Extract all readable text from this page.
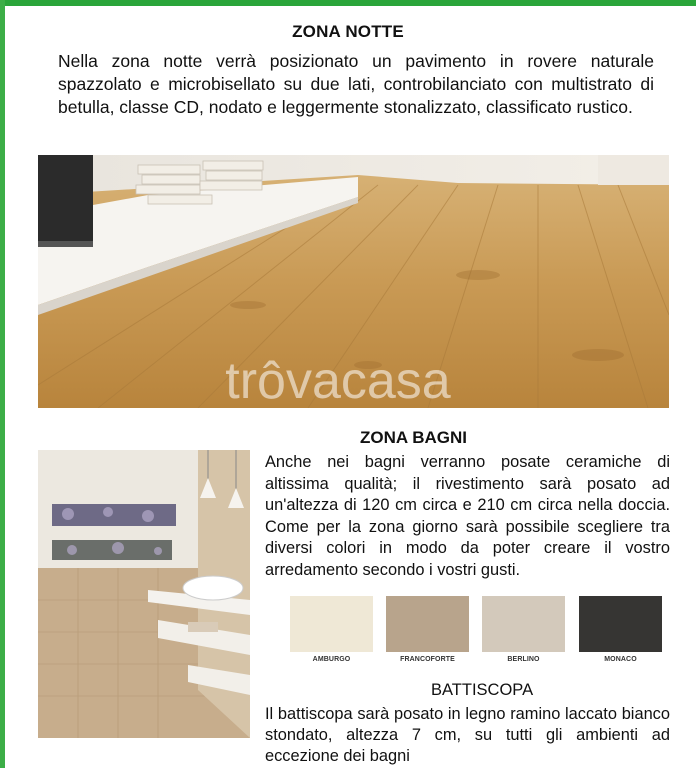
ZONA NOTTE

Nella zona notte verrà posizionato un pavimento in rovere naturale spazzolato e microbisellato su due lati, controbilanciato con multistrato di betulla, classe CD, nodato e leggermente stonalizzato, classificato rustico.

trôvacasa
ZONA BAGNI

Anche nei bagni verranno posate ceramiche di altissima qualità; il rivestimento sarà posato ad un'altezza di 120 cm circa e 210 cm circa nella doccia. Come per la zona giorno sarà possibile scegliere tra diversi colori in modo da poter creare il vostro arredamento secondo i vostri gusti.

AMBURGO	FRANCOFORTE	BERLINO	MONACO
BATTISCOPA

Il battiscopa sarà posato in legno ramino laccato bianco stondato, altezza 7 cm, su tutti gli ambienti ad eccezione dei bagni
